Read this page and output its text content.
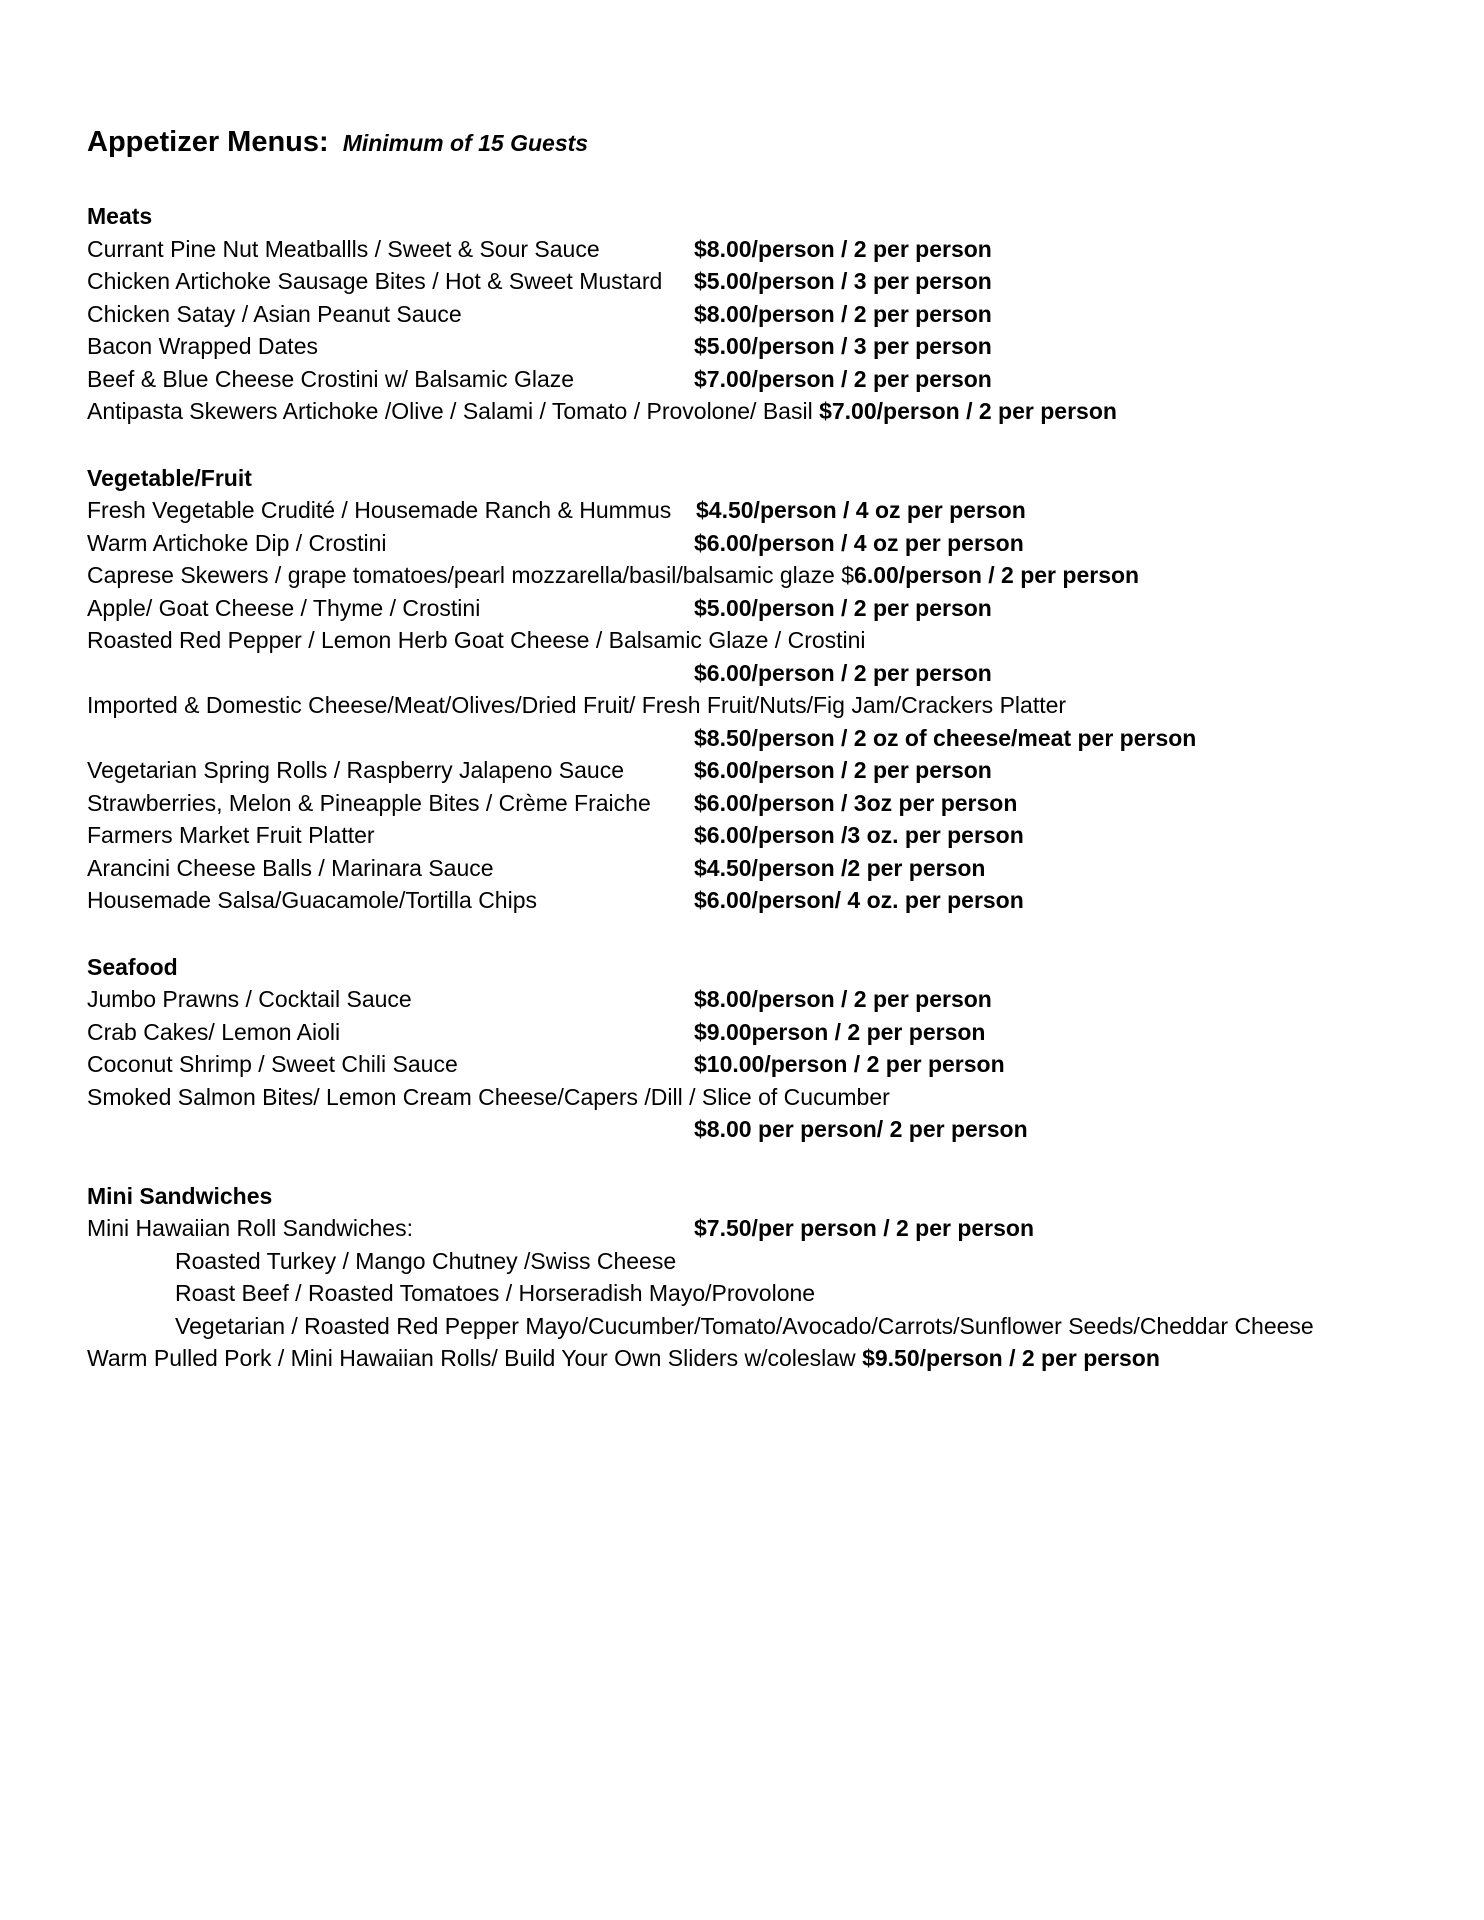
Appetizer Menus: Minimum of 15 Guests
Meats
Currant Pine Nut Meatballls / Sweet & Sour Sauce	$8.00/person / 2 per person
Chicken Artichoke Sausage Bites / Hot & Sweet Mustard $5.00/person / 3 per person
Chicken Satay / Asian Peanut Sauce	$8.00/person / 2 per person
Bacon Wrapped Dates	$5.00/person / 3 per person
Beef & Blue Cheese Crostini w/ Balsamic Glaze	$7.00/person / 2 per person
Antipasta Skewers Artichoke /Olive / Salami / Tomato / Provolone/ Basil $7.00/person / 2 per person
Vegetable/Fruit
Fresh Vegetable Crudité / Housemade Ranch & Hummus $4.50/person / 4 oz per person
Warm Artichoke Dip / Crostini	$6.00/person / 4 oz per person
Caprese Skewers / grape tomatoes/pearl mozzarella/basil/balsamic glaze $6.00/person / 2 per person
Apple/ Goat Cheese / Thyme / Crostini	$5.00/person / 2 per person
Roasted Red Pepper / Lemon Herb Goat Cheese / Balsamic Glaze / Crostini
$6.00/person / 2 per person
Imported & Domestic Cheese/Meat/Olives/Dried Fruit/ Fresh Fruit/Nuts/Fig Jam/Crackers Platter
$8.50/person / 2 oz of cheese/meat per person
Vegetarian Spring Rolls / Raspberry Jalapeno Sauce	$6.00/person / 2 per person
Strawberries, Melon & Pineapple Bites / Crème Fraiche $6.00/person / 3oz per person
Farmers Market Fruit Platter	$6.00/person /3 oz. per person
Arancini Cheese Balls / Marinara Sauce	$4.50/person /2 per person
Housemade Salsa/Guacamole/Tortilla Chips	$6.00/person/ 4 oz. per person
Seafood
Jumbo Prawns / Cocktail Sauce	$8.00/person / 2 per person
Crab Cakes/ Lemon Aioli	$9.00person / 2 per person
Coconut Shrimp / Sweet Chili Sauce	$10.00/person / 2 per person
Smoked Salmon Bites/ Lemon Cream Cheese/Capers /Dill / Slice of Cucumber
$8.00 per person/ 2 per person
Mini Sandwiches
Mini Hawaiian Roll Sandwiches:	$7.50/per person / 2 per person
Roasted Turkey / Mango Chutney /Swiss Cheese
Roast Beef / Roasted Tomatoes / Horseradish Mayo/Provolone
Vegetarian / Roasted Red Pepper Mayo/Cucumber/Tomato/Avocado/Carrots/Sunflower Seeds/Cheddar Cheese
Warm Pulled Pork / Mini Hawaiian Rolls/ Build Your Own Sliders w/coleslaw $9.50/person / 2 per person
